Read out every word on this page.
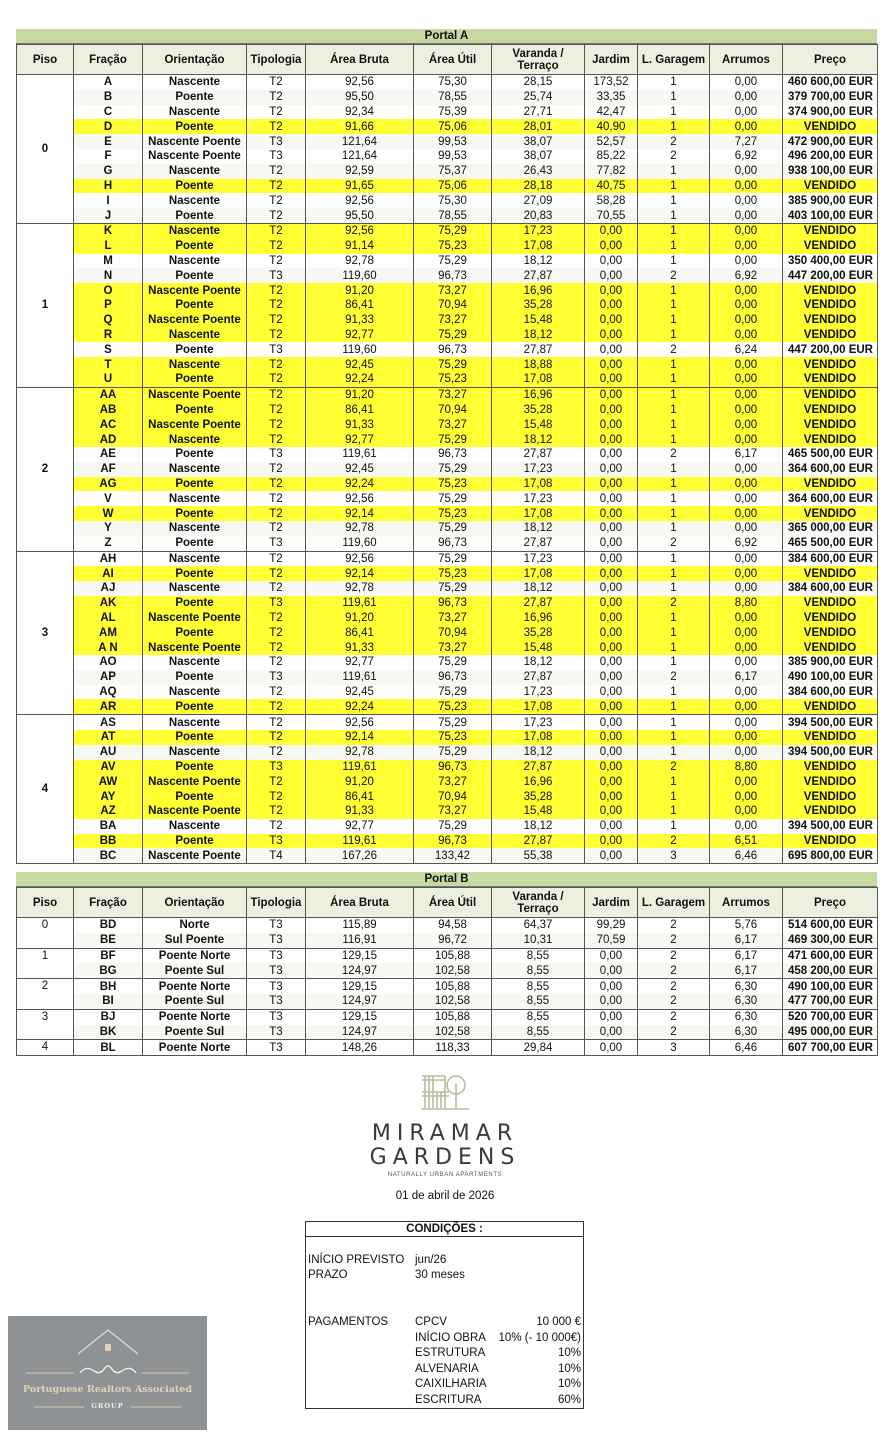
Portal A
Piso	Fração	Orientação	Tipologia	Área Bruta	Área Útil	Varanda /
Terraço	Jardim	L. Garagem	Arrumos	Preço
0	A	Nascente	T2	92,56	75,30	28,15	173,52	1	0,00	460 600,00 EUR
	B	Poente	T2	95,50	78,55	25,74	33,35	1	0,00	379 700,00 EUR
	C	Nascente	T2	92,34	75,39	27,71	42,47	1	0,00	374 900,00 EUR
	D	Poente	T2	91,66	75,06	28,01	40,90	1	0,00	VENDIDO
	E	Nascente Poente	T3	121,64	99,53	38,07	52,57	2	7,27	472 900,00 EUR
	F	Nascente Poente	T3	121,64	99,53	38,07	85,22	2	6,92	496 200,00 EUR
	G	Nascente	T2	92,59	75,37	26,43	77,82	1	0,00	938 100,00 EUR
	H	Poente	T2	91,65	75,06	28,18	40,75	1	0,00	VENDIDO
	I	Nascente	T2	92,56	75,30	27,09	58,28	1	0,00	385 900,00 EUR
	J	Poente	T2	95,50	78,55	20,83	70,55	1	0,00	403 100,00 EUR
1	K	Nascente	T2	92,56	75,29	17,23	0,00	1	0,00	VENDIDO
	L	Poente	T2	91,14	75,23	17,08	0,00	1	0,00	VENDIDO
	M	Nascente	T2	92,78	75,29	18,12	0,00	1	0,00	350 400,00 EUR
	N	Poente	T3	119,60	96,73	27,87	0,00	2	6,92	447 200,00 EUR
	O	Nascente Poente	T2	91,20	73,27	16,96	0,00	1	0,00	VENDIDO
	P	Poente	T2	86,41	70,94	35,28	0,00	1	0,00	VENDIDO
	Q	Nascente Poente	T2	91,33	73,27	15,48	0,00	1	0,00	VENDIDO
	R	Nascente	T2	92,77	75,29	18,12	0,00	1	0,00	VENDIDO
	S	Poente	T3	119,60	96,73	27,87	0,00	2	6,24	447 200,00 EUR
	T	Nascente	T2	92,45	75,29	18,88	0,00	1	0,00	VENDIDO
	U	Poente	T2	92,24	75,23	17,08	0,00	1	0,00	VENDIDO
2	AA	Nascente Poente	T2	91,20	73,27	16,96	0,00	1	0,00	VENDIDO
	AB	Poente	T2	86,41	70,94	35,28	0,00	1	0,00	VENDIDO
	AC	Nascente Poente	T2	91,33	73,27	15,48	0,00	1	0,00	VENDIDO
	AD	Nascente	T2	92,77	75,29	18,12	0,00	1	0,00	VENDIDO
	AE	Poente	T3	119,61	96,73	27,87	0,00	2	6,17	465 500,00 EUR
	AF	Nascente	T2	92,45	75,29	17,23	0,00	1	0,00	364 600,00 EUR
	AG	Poente	T2	92,24	75,23	17,08	0,00	1	0,00	VENDIDO
	V	Nascente	T2	92,56	75,29	17,23	0,00	1	0,00	364 600,00 EUR
	W	Poente	T2	92,14	75,23	17,08	0,00	1	0,00	VENDIDO
	Y	Nascente	T2	92,78	75,29	18,12	0,00	1	0,00	365 000,00 EUR
	Z	Poente	T3	119,60	96,73	27,87	0,00	2	6,92	465 500,00 EUR
3	AH	Nascente	T2	92,56	75,29	17,23	0,00	1	0,00	384 600,00 EUR
	AI	Poente	T2	92,14	75,23	17,08	0,00	1	0,00	VENDIDO
	AJ	Nascente	T2	92,78	75,29	18,12	0,00	1	0,00	384 600,00 EUR
	AK	Poente	T3	119,61	96,73	27,87	0,00	2	8,80	VENDIDO
	AL	Nascente Poente	T2	91,20	73,27	16,96	0,00	1	0,00	VENDIDO
	AM	Poente	T2	86,41	70,94	35,28	0,00	1	0,00	VENDIDO
	A N	Nascente Poente	T2	91,33	73,27	15,48	0,00	1	0,00	VENDIDO
	AO	Nascente	T2	92,77	75,29	18,12	0,00	1	0,00	385 900,00 EUR
	AP	Poente	T3	119,61	96,73	27,87	0,00	2	6,17	490 100,00 EUR
	AQ	Nascente	T2	92,45	75,29	17,23	0,00	1	0,00	384 600,00 EUR
	AR	Poente	T2	92,24	75,23	17,08	0,00	1	0,00	VENDIDO
4	AS	Nascente	T2	92,56	75,29	17,23	0,00	1	0,00	394 500,00 EUR
	AT	Poente	T2	92,14	75,23	17,08	0,00	1	0,00	VENDIDO
	AU	Nascente	T2	92,78	75,29	18,12	0,00	1	0,00	394 500,00 EUR
	AV	Poente	T3	119,61	96,73	27,87	0,00	2	8,80	VENDIDO
	AW	Nascente Poente	T2	91,20	73,27	16,96	0,00	1	0,00	VENDIDO
	AY	Poente	T2	86,41	70,94	35,28	0,00	1	0,00	VENDIDO
	AZ	Nascente Poente	T2	91,33	73,27	15,48	0,00	1	0,00	VENDIDO
	BA	Nascente	T2	92,77	75,29	18,12	0,00	1	0,00	394 500,00 EUR
	BB	Poente	T3	119,61	96,73	27,87	0,00	2	6,51	VENDIDO
	BC	Nascente Poente	T4	167,26	133,42	55,38	0,00	3	6,46	695 800,00 EUR
Portal B
Piso	Fração	Orientação	Tipologia	Área Bruta	Área Útil	Varanda /
Terraço	Jardim	L. Garagem	Arrumos	Preço
0	BD	Norte	T3	115,89	94,58	64,37	99,29	2	5,76	514 600,00 EUR
	BE	Sul Poente	T3	116,91	96,72	10,31	70,59	2	6,17	469 300,00 EUR
1	BF	Poente Norte	T3	129,15	105,88	8,55	0,00	2	6,17	471 600,00 EUR
	BG	Poente Sul	T3	124,97	102,58	8,55	0,00	2	6,17	458 200,00 EUR
2	BH	Poente Norte	T3	129,15	105,88	8,55	0,00	2	6,30	490 100,00 EUR
	BI	Poente Sul	T3	124,97	102,58	8,55	0,00	2	6,30	477 700,00 EUR
3	BJ	Poente Norte	T3	129,15	105,88	8,55	0,00	2	6,30	520 700,00 EUR
	BK	Poente Sul	T3	124,97	102,58	8,55	0,00	2	6,30	495 000,00 EUR
4	BL	Poente Norte	T3	148,26	118,33	29,84	0,00	3	6,46	607 700,00 EUR
MIRAMAR
GARDENS
NATURALLY URBAN APARTMENTS
01 de abril de 2026
CONDIÇÕES :
INÍCIO PREVISTO jun/26
PRAZO	30 meses
PAGAMENTOS CPCV	10 000 €
INÍCIO OBRA 10% (- 10 000€)
ESTRUTURA	10%
ALVENARIA	10%
CAIXILHARIA	10%
ESCRITURA	60%
Portuguese Realtors Associated
GROUP
